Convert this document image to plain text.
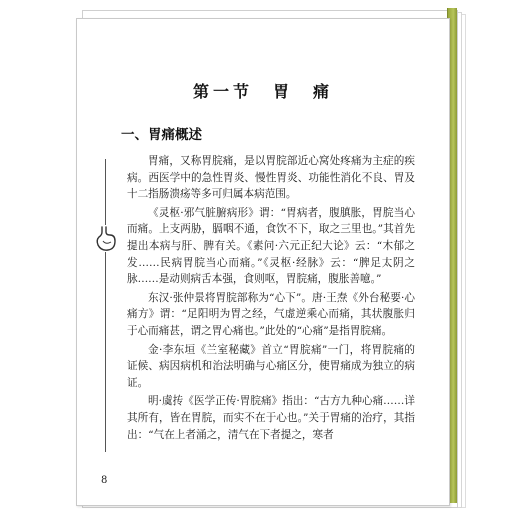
第一节　胃　痛
一、胃痛概述

胃痛，又称胃脘痛，是以胃脘部近心窝处疼痛为主症的疾病。西医学中的急性胃炎、慢性胃炎、功能性消化不良、胃及十二指肠溃疡等多可归属本病范围。

《灵枢·邪气脏腑病形》谓：“胃病者，腹䐜胀，胃脘当心而痛。上支两胁，膈咽不通，食饮不下，取之三里也。”其首先提出本病与肝、脾有关。《素问·六元正纪大论》云：“木郁之发……民病胃脘当心而痛。”《灵枢·经脉》云：“脾足太阴之脉……是动则病舌本强，食则呕，胃脘痛，腹胀善噫。”

东汉·张仲景将胃脘部称为“心下”。唐·王焘《外台秘要·心痛方》谓：“足阳明为胃之经，气虚逆乘心而痛，其状腹胀归于心而痛甚，谓之胃心痛也。”此处的“心痛”是指胃脘痛。

金·李东垣《兰室秘藏》首立“胃脘痛”一门，将胃脘痛的证候、病因病机和治法明确与心痛区分，使胃痛成为独立的病证。

明·虞抟《医学正传·胃脘痛》指出：“古方九种心痛……详其所有，皆在胃脘，而实不在于心也。”关于胃痛的治疗，其指出：“气在上者涌之，清气在下者提之，寒者

8
